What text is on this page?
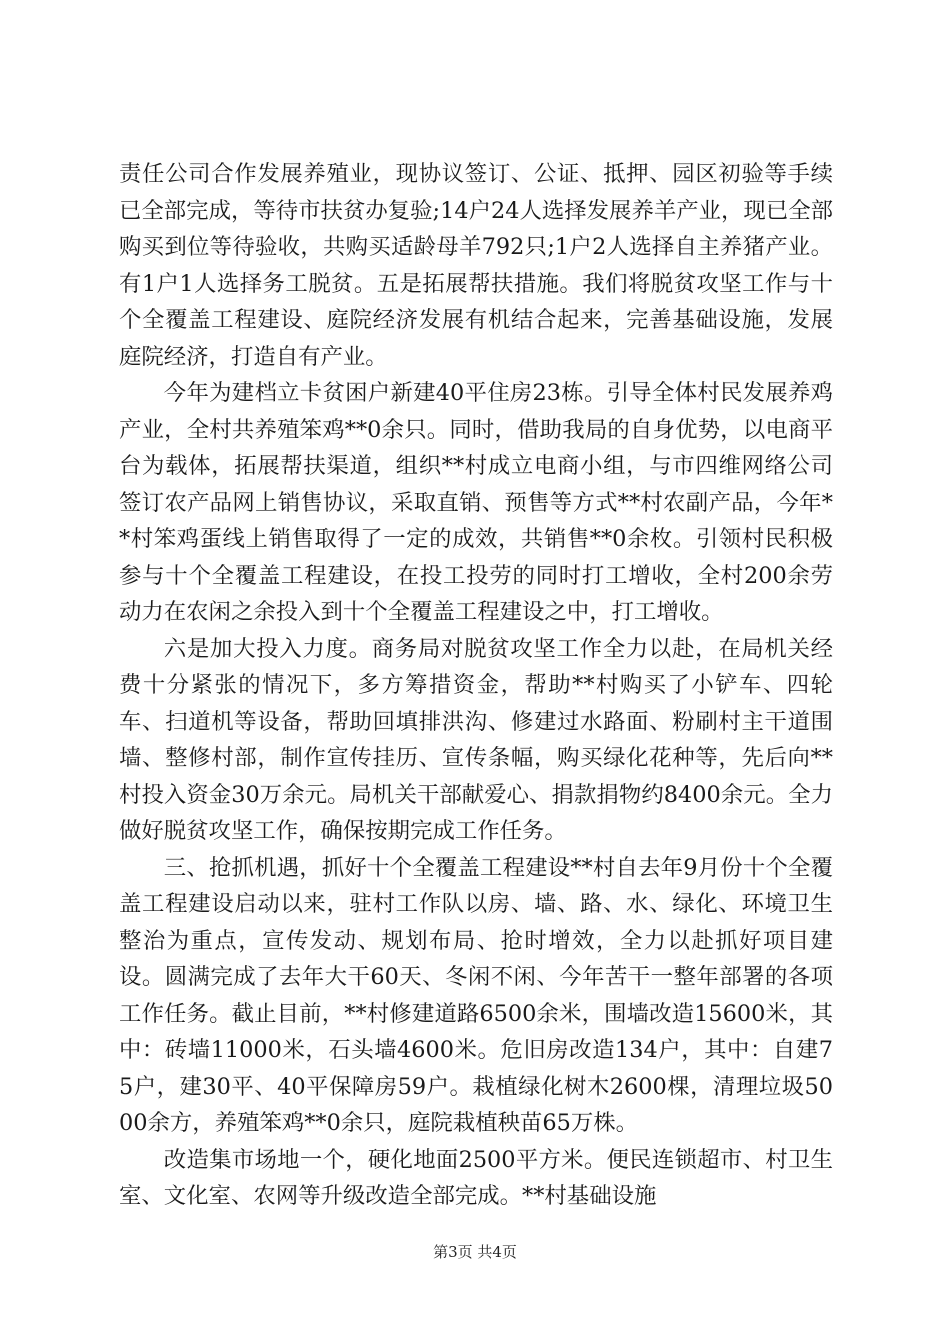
责任公司合作发展养殖业，现协议签订、公证、抵押、园区初验等手续已全部完成，等待市扶贫办复验;14户24人选择发展养羊产业，现已全部购买到位等待验收，共购买适龄母羊792只;1户2人选择自主养猪产业。有1户1人选择务工脱贫。五是拓展帮扶措施。我们将脱贫攻坚工作与十个全覆盖工程建设、庭院经济发展有机结合起来，完善基础设施，发展庭院经济，打造自有产业。

今年为建档立卡贫困户新建40平住房23栋。引导全体村民发展养鸡产业，全村共养殖笨鸡**0余只。同时，借助我局的自身优势，以电商平台为载体，拓展帮扶渠道，组织**村成立电商小组，与市四维网络公司签订农产品网上销售协议，采取直销、预售等方式**村农副产品，今年**村笨鸡蛋线上销售取得了一定的成效，共销售**0余枚。引领村民积极参与十个全覆盖工程建设，在投工投劳的同时打工增收，全村200余劳动力在农闲之余投入到十个全覆盖工程建设之中，打工增收。

六是加大投入力度。商务局对脱贫攻坚工作全力以赴，在局机关经费十分紧张的情况下，多方筹措资金，帮助**村购买了小铲车、四轮车、扫道机等设备，帮助回填排洪沟、修建过水路面、粉刷村主干道围墙、整修村部，制作宣传挂历、宣传条幅，购买绿化花种等，先后向**村投入资金30万余元。局机关干部献爱心、捐款捐物约8400余元。全力做好脱贫攻坚工作，确保按期完成工作任务。

三、抢抓机遇，抓好十个全覆盖工程建设**村自去年9月份十个全覆盖工程建设启动以来，驻村工作队以房、墙、路、水、绿化、环境卫生整治为重点，宣传发动、规划布局、抢时增效，全力以赴抓好项目建设。圆满完成了去年大干60天、冬闲不闲、今年苦干一整年部署的各项工作任务。截止目前，**村修建道路6500余米，围墙改造15600米，其中：砖墙11000米，石头墙4600米。危旧房改造134户，其中：自建75户，建30平、40平保障房59户。栽植绿化树木2600棵，清理垃圾5000余方，养殖笨鸡**0余只，庭院栽植秧苗65万株。

改造集市场地一个，硬化地面2500平方米。便民连锁超市、村卫生室、文化室、农网等升级改造全部完成。**村基础设施

第3页 共4页
